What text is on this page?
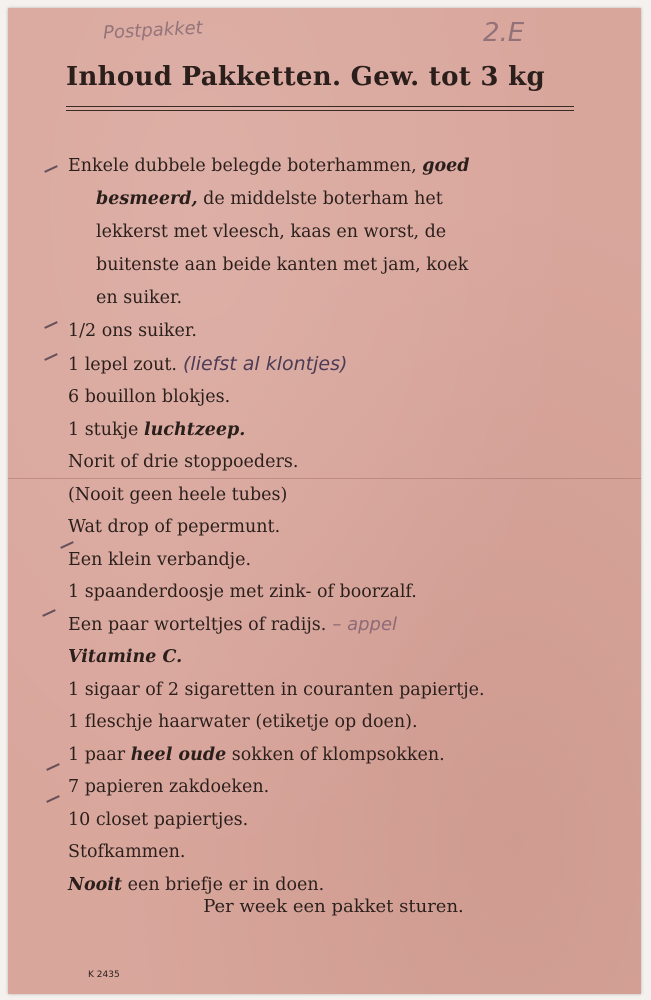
Postpakket	2.E
Inhoud Pakketten. Gew. tot 3 kg
Enkele dubbele belegde boterhammen, goed
besmeerd, de middelste boterham het
lekkerst met vleesch, kaas en worst, de
buitenste aan beide kanten met jam, koek
en suiker.
1/2 ons suiker.
1 lepel zout. (liefst al klontjes)
6 bouillon blokjes.
1 stukje luchtzeep.
Norit of drie stoppoeders.
(Nooit geen heele tubes)
Wat drop of pepermunt.
Een klein verbandje.
1 spaanderdoosje met zink- of boorzalf.
Een paar worteltjes of radijs. – appel
Vitamine C.
1 sigaar of 2 sigaretten in couranten papiertje.
1 fleschje haarwater (etiketje op doen).
1 paar heel oude sokken of klompsokken.
7 papieren zakdoeken.
10 closet papiertjes.
Stofkammen.
Nooit een briefje er in doen.
Per week een pakket sturen.
K 2435
